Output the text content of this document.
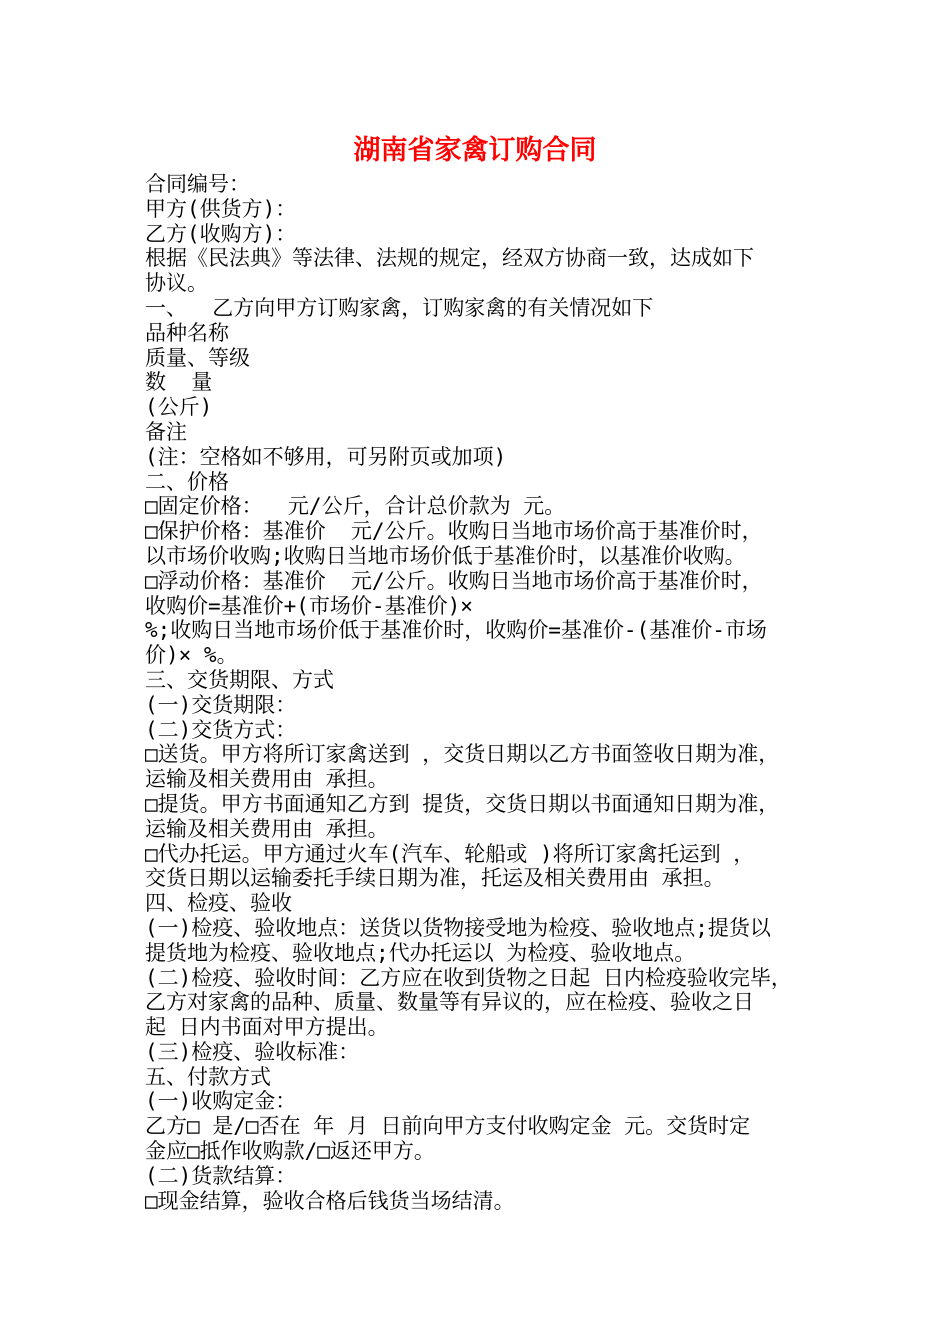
湖南省家禽订购合同
合同编号：
甲方(供货方)：
乙方(收购方)：
根据《民法典》等法律、法规的规定，经双方协商一致，达成如下
协议。
一、  乙方向甲方订购家禽，订购家禽的有关情况如下
品种名称
质量、等级
数  量
(公斤)
备注
(注：空格如不够用，可另附页或加项)
二、价格
□固定价格：  元/公斤，合计总价款为 元。
□保护价格：基准价  元/公斤。收购日当地市场价高于基准价时，
以市场价收购;收购日当地市场价低于基准价时，以基准价收购。
□浮动价格：基准价  元/公斤。收购日当地市场价高于基准价时，
收购价=基准价+(市场价-基准价)×
%;收购日当地市场价低于基准价时，收购价=基准价-(基准价-市场
价)× %。
三、交货期限、方式
(一)交货期限：
(二)交货方式：
□送货。甲方将所订家禽送到 ，交货日期以乙方书面签收日期为准，
运输及相关费用由 承担。
□提货。甲方书面通知乙方到 提货，交货日期以书面通知日期为准，
运输及相关费用由 承担。
□代办托运。甲方通过火车(汽车、轮船或 )将所订家禽托运到 ，
交货日期以运输委托手续日期为准，托运及相关费用由 承担。
四、检疫、验收
(一)检疫、验收地点：送货以货物接受地为检疫、验收地点;提货以
提货地为检疫、验收地点;代办托运以 为检疫、验收地点。
(二)检疫、验收时间：乙方应在收到货物之日起 日内检疫验收完毕，
乙方对家禽的品种、质量、数量等有异议的，应在检疫、验收之日
起 日内书面对甲方提出。
(三)检疫、验收标准：
五、付款方式
(一)收购定金：
乙方□ 是/□否在 年 月 日前向甲方支付收购定金 元。交货时定
金应□抵作收购款/□返还甲方。
(二)货款结算：
□现金结算，验收合格后钱货当场结清。
